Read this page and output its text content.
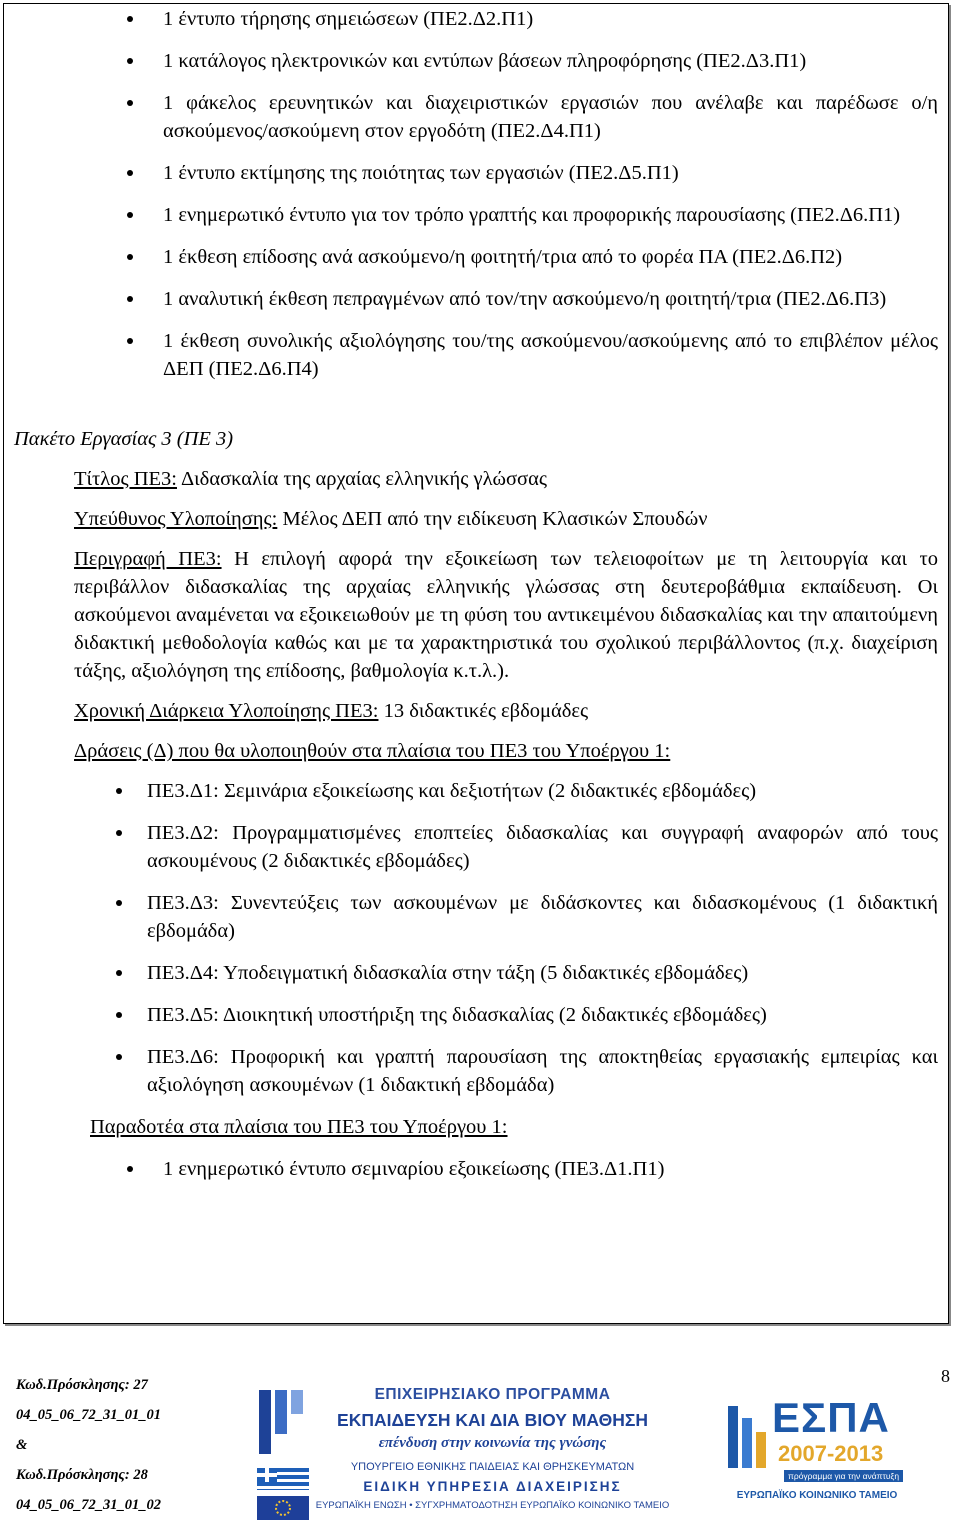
1 έντυπο τήρησης σημειώσεων (ΠΕ2.Δ2.Π1)
1 κατάλογος ηλεκτρονικών και εντύπων βάσεων πληροφόρησης (ΠΕ2.Δ3.Π1)
1 φάκελος ερευνητικών και διαχειριστικών εργασιών που ανέλαβε και παρέδωσε ο/η ασκούμενος/ασκούμενη στον εργοδότη (ΠΕ2.Δ4.Π1)
1 έντυπο εκτίμησης της ποιότητας των εργασιών (ΠΕ2.Δ5.Π1)
1 ενημερωτικό έντυπο για τον τρόπο γραπτής και προφορικής παρουσίασης (ΠΕ2.Δ6.Π1)
1 έκθεση επίδοσης ανά ασκούμενο/η φοιτητή/τρια από το φορέα ΠΑ (ΠΕ2.Δ6.Π2)
1 αναλυτική έκθεση πεπραγμένων από τον/την ασκούμενο/η φοιτητή/τρια (ΠΕ2.Δ6.Π3)
1 έκθεση συνολικής αξιολόγησης του/της ασκούμενου/ασκούμενης από το επιβλέπον μέλος ΔΕΠ (ΠΕ2.Δ6.Π4)
Πακέτο Εργασίας 3 (ΠΕ 3)

Τίτλος ΠΕ3: Διδασκαλία της αρχαίας ελληνικής γλώσσας

Υπεύθυνος Υλοποίησης: Μέλος ΔΕΠ από την ειδίκευση Κλασικών Σπουδών

Περιγραφή ΠΕ3: Η επιλογή αφορά την εξοικείωση των τελειοφοίτων με τη λειτουργία και το περιβάλλον διδασκαλίας της αρχαίας ελληνικής γλώσσας στη δευτεροβάθμια εκπαίδευση. Οι ασκούμενοι αναμένεται να εξοικειωθούν με τη φύση του αντικειμένου διδασκαλίας και την απαιτούμενη διδακτική μεθοδολογία καθώς και με τα χαρακτηριστικά του σχολικού περιβάλλοντος (π.χ. διαχείριση τάξης, αξιολόγηση της επίδοσης, βαθμολογία κ.τ.λ.).

Χρονική Διάρκεια Υλοποίησης ΠΕ3: 13 διδακτικές εβδομάδες

Δράσεις (Δ) που θα υλοποιηθούν στα πλαίσια του ΠΕ3 του Υποέργου 1:

ΠΕ3.Δ1: Σεμινάρια εξοικείωσης και δεξιοτήτων (2 διδακτικές εβδομάδες)
ΠΕ3.Δ2: Προγραμματισμένες εποπτείες διδασκαλίας και συγγραφή αναφορών από τους ασκουμένους (2 διδακτικές εβδομάδες)
ΠΕ3.Δ3: Συνεντεύξεις των ασκουμένων με διδάσκοντες και διδασκομένους (1 διδακτική εβδομάδα)
ΠΕ3.Δ4: Υποδειγματική διδασκαλία στην τάξη (5 διδακτικές εβδομάδες)
ΠΕ3.Δ5: Διοικητική υποστήριξη της διδασκαλίας (2 διδακτικές εβδομάδες)
ΠΕ3.Δ6: Προφορική και γραπτή παρουσίαση της αποκτηθείας εργασιακής εμπειρίας και αξιολόγηση ασκουμένων (1 διδακτική εβδομάδα)
Παραδοτέα στα πλαίσια του ΠΕ3 του Υποέργου 1:
1 ενημερωτικό έντυπο σεμιναρίου εξοικείωσης (ΠΕ3.Δ1.Π1)
Κωδ.Πρόσκλησης: 27
04_05_06_72_31_01_01
&
Κωδ.Πρόσκλησης: 28
04_05_06_72_31_01_02
8
ΕΠΙΧΕΙΡΗΣΙΑΚΟ ΠΡΟΓΡΑΜΜΑ
ΕΚΠΑΙΔΕΥΣΗ ΚΑΙ ΔΙΑ ΒΙΟΥ ΜΑΘΗΣΗ
επένδυση στην κοινωνία της γνώσης
ΥΠΟΥΡΓΕΙΟ ΕΘΝΙΚΗΣ ΠΑΙΔΕΙΑΣ ΚΑΙ ΘΡΗΣΚΕΥΜΑΤΩΝ
ΕΙΔΙΚΗ ΥΠΗΡΕΣΙΑ ΔΙΑΧΕΙΡΙΣΗΣ
ΕΥΡΩΠΑΪΚΗ ΕΝΩΣΗ • ΣΥΓΧΡΗΜΑΤΟΔΟΤΗΣΗ ΕΥΡΩΠΑΪΚΟ ΚΟΙΝΩΝΙΚΟ ΤΑΜΕΙΟ
ΕΣΠΑ
2007-2013
πρόγραμμα για την ανάπτυξη
ΕΥΡΩΠΑΪΚΟ ΚΟΙΝΩΝΙΚΟ ΤΑΜΕΙΟ
